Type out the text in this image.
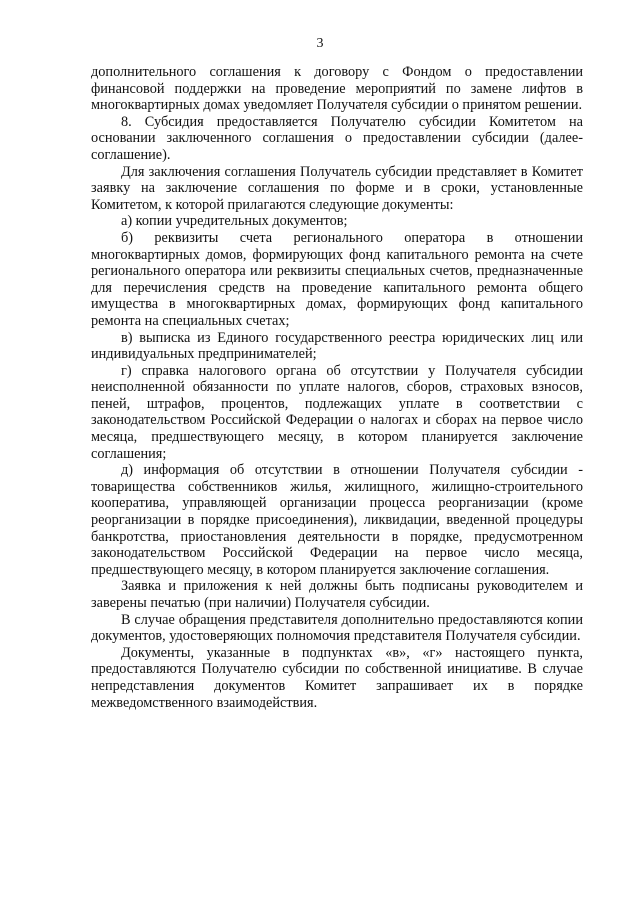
3

дополнительного соглашения к договору с Фондом о предоставлении финансовой поддержки на проведение мероприятий по замене лифтов в многоквартирных домах уведомляет Получателя субсидии о принятом решении.

8. Субсидия предоставляется Получателю субсидии Комитетом на основании заключенного соглашения о предоставлении субсидии (далее- соглашение).

Для заключения соглашения Получатель субсидии представляет в Комитет заявку на заключение соглашения по форме и в сроки, установленные Комитетом, к которой прилагаются следующие документы:

а) копии учредительных документов;

б) реквизиты счета регионального оператора в отношении многоквартирных домов, формирующих фонд капитального ремонта на счете регионального оператора или реквизиты специальных счетов, предназначенные для перечисления средств на проведение капитального ремонта общего имущества в многоквартирных домах, формирующих фонд капитального ремонта на специальных счетах;

в) выписка из Единого государственного реестра юридических лиц или индивидуальных предпринимателей;

г) справка налогового органа об отсутствии у Получателя субсидии неисполненной обязанности по уплате налогов, сборов, страховых взносов, пеней, штрафов, процентов, подлежащих уплате в соответствии с законодательством Российской Федерации о налогах и сборах на первое число месяца, предшествующего месяцу, в котором планируется заключение соглашения;

д) информация об отсутствии в отношении Получателя субсидии - товарищества собственников жилья, жилищного, жилищно-строительного кооператива, управляющей организации процесса реорганизации (кроме реорганизации в порядке присоединения), ликвидации, введенной процедуры банкротства, приостановления деятельности в порядке, предусмотренном законодательством Российской Федерации на первое число месяца, предшествующего месяцу, в котором планируется заключение соглашения.

Заявка и приложения к ней должны быть подписаны руководителем и заверены печатью (при наличии) Получателя субсидии.

В случае обращения представителя дополнительно предоставляются копии документов, удостоверяющих полномочия представителя Получателя субсидии.

Документы, указанные в подпунктах «в», «г» настоящего пункта, предоставляются Получателю субсидии по собственной инициативе. В случае непредставления документов Комитет запрашивает их в порядке межведомственного взаимодействия.
